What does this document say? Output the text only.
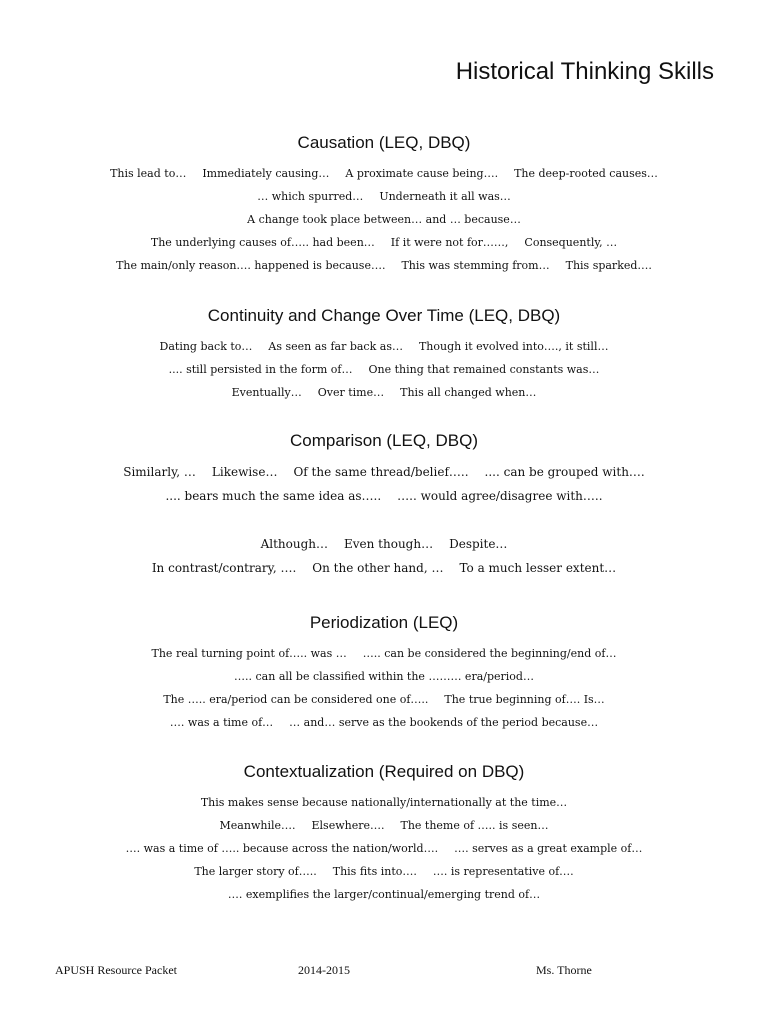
Historical Thinking Skills
Causation (LEQ, DBQ)
This lead to… Immediately causing… A proximate cause being…. The deep-rooted causes…
… which spurred… Underneath it all was…
A change took place between… and … because…
The underlying causes of….. had been… If it were not for……, Consequently, …
The main/only reason…. happened is because…. This was stemming from… This sparked….
Continuity and Change Over Time (LEQ, DBQ)
Dating back to… As seen as far back as… Though it evolved into…., it still…
.... still persisted in the form of… One thing that remained constants was…
Eventually… Over time… This all changed when…
Comparison (LEQ, DBQ)
Similarly, … Likewise… Of the same thread/belief….. .... can be grouped with….
.... bears much the same idea as….. ….. would agree/disagree with…..
Although… Even though… Despite…
In contrast/contrary, …. On the other hand, … To a much lesser extent…
Periodization (LEQ)
The real turning point of….. was … ….. can be considered the beginning/end of…
….. can all be classified within the ……… era/period…
The ….. era/period can be considered one of….. The true beginning of…. Is…
…. was a time of… … and… serve as the bookends of the period because…
Contextualization (Required on DBQ)
This makes sense because nationally/internationally at the time…
Meanwhile…. Elsewhere…. The theme of ….. is seen…
…. was a time of ….. because across the nation/world…. …. serves as a great example of…
The larger story of….. This fits into…. …. is representative of….
…. exemplifies the larger/continual/emerging trend of…
APUSH Resource Packet	2014-2015	Ms. Thorne
